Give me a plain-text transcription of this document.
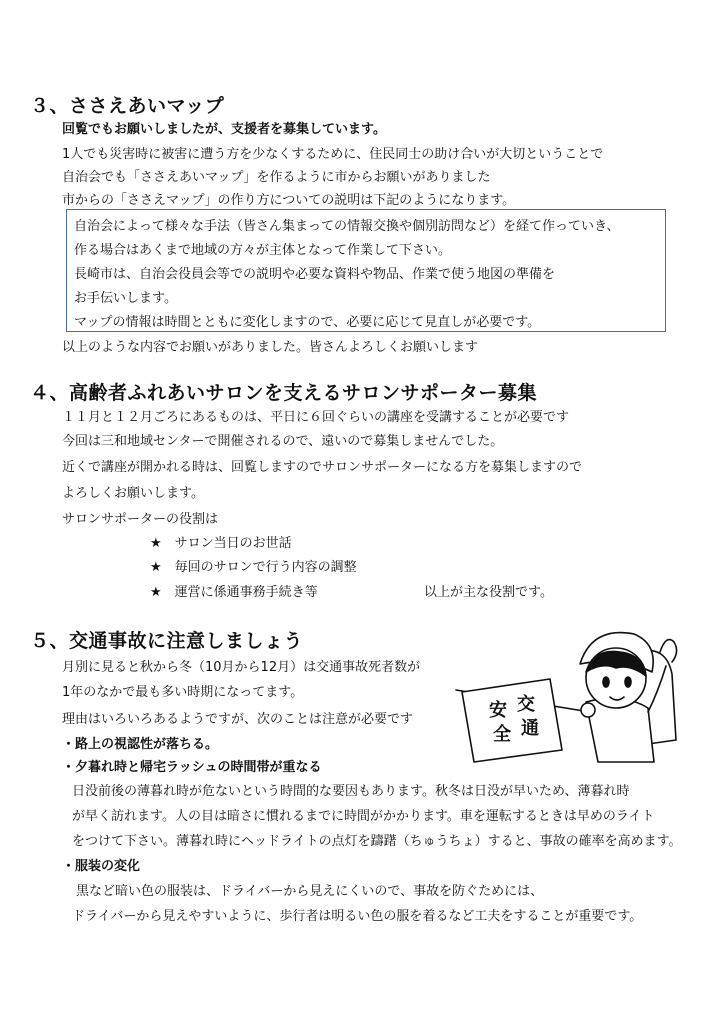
３、ささえあいマップ
回覧でもお願いしましたが、支援者を募集しています。
1人でも災害時に被害に遭う方を少なくするために、住民同士の助け合いが大切ということで
自治会でも「ささえあいマップ」を作るように市からお願いがありました
市からの「ささえマップ」の作り方についての説明は下記のようになります。
自治会によって様々な手法（皆さん集まっての情報交換や個別訪問など）を経て作っていき、
作る場合はあくまで地域の方々が主体となって作業して下さい。
長崎市は、自治会役員会等での説明や必要な資料や物品、作業で使う地図の準備を
お手伝いします。
マップの情報は時間とともに変化しますので、必要に応じて見直しが必要です。
以上のような内容でお願いがありました。皆さんよろしくお願いします
４、高齢者ふれあいサロンを支えるサロンサポーター募集
１１月と１２月ごろにあるものは、平日に６回ぐらいの講座を受講することが必要です
今回は三和地域センターで開催されるので、遠いので募集しませんでした。
近くで講座が開かれる時は、回覧しますのでサロンサポーターになる方を募集しますので
よろしくお願いします。
サロンサポーターの役割は
★　サロン当日のお世話
★　毎回のサロンで行う内容の調整
★　運営に係通事務手続き等	以上が主な役割です。
５、交通事故に注意しましょう
月別に見ると秋から冬（10月から12月）は交通事故死者数が
1年のなかで最も多い時期になってます。
理由はいろいろあるようですが、次のことは注意が必要です
・路上の視認性が落ちる。
・夕暮れ時と帰宅ラッシュの時間帯が重なる
日没前後の薄暮れ時が危ないという時間的な要因もあります。秋冬は日没が早いため、薄暮れ時
が早く訪れます。人の目は暗さに慣れるまでに時間がかかります。車を運転するときは早めのライト
をつけて下さい。薄暮れ時にヘッドライトの点灯を躊躇（ちゅうちょ）すると、事故の確率を高めます。
・服装の変化
黒など暗い色の服装は、ドライバーから見えにくいので、事故を防ぐためには、
ドライバーから見えやすいように、歩行者は明るい色の服を着るなど工夫をすることが重要です。
交
通
安
全
